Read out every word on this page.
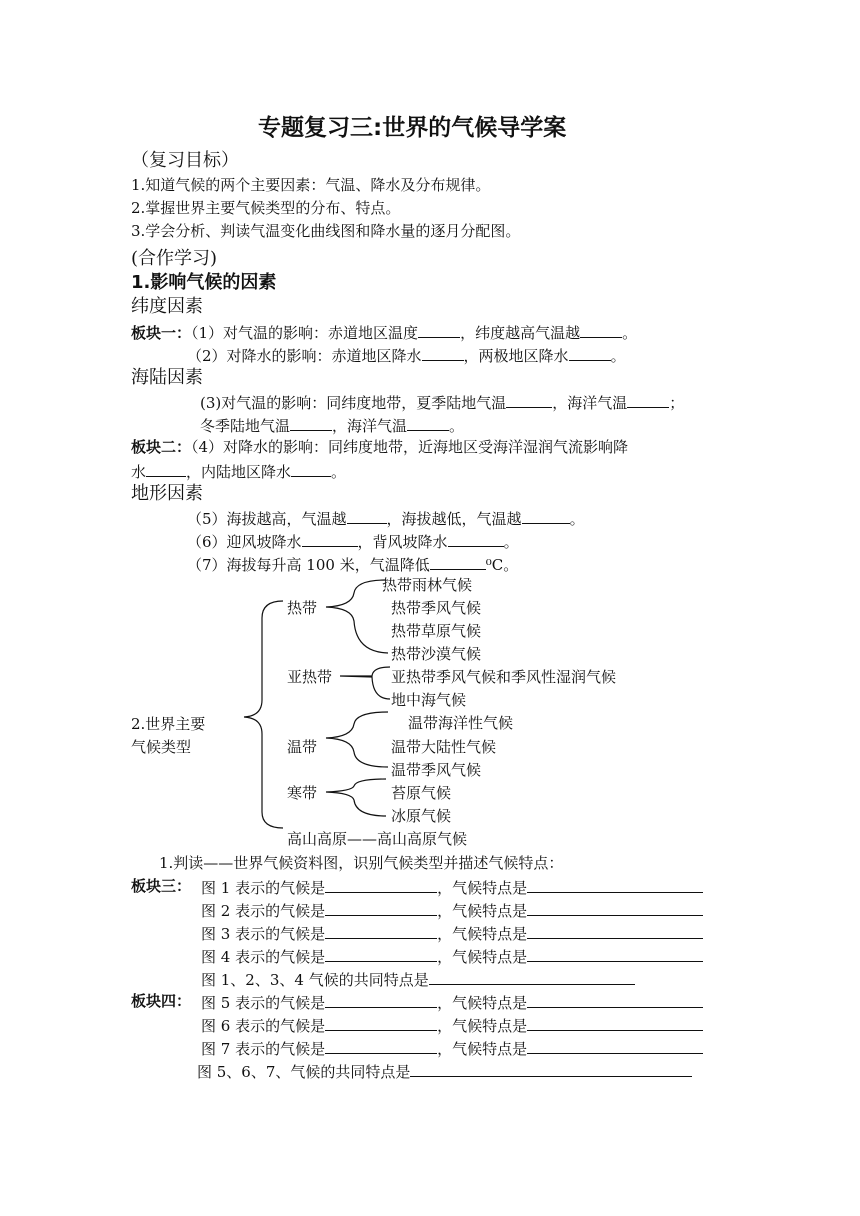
专题复习三:世界的气候导学案
（复习目标）
1.知道气候的两个主要因素：气温、降水及分布规律。
2.掌握世界主要气候类型的分布、特点。
3.学会分析、判读气温变化曲线图和降水量的逐月分配图。
(合作学习)
1.影响气候的因素
纬度因素
板块一：（1）对气温的影响：赤道地区温度	，纬度越高气温越	。
（2）对降水的影响：赤道地区降水	，两极地区降水	。
海陆因素
(3)对气温的影响：同纬度地带，夏季陆地气温	，海洋气温	；
冬季陆地气温	，海洋气温	。
板块二：（4）对降水的影响：同纬度地带，近海地区受海洋湿润气流影响降
水	，内陆地区降水	。
地形因素
（5）海拔越高，气温越	，海拔越低，气温越	。
（6）迎风坡降水	，背风坡降水	。
（7）海拔每升高 100 米，气温降低	⁰C。
2.世界主要
气候类型
热带
热带雨林气候
热带季风气候
热带草原气候
热带沙漠气候
亚热带	亚热带季风气候和季风性湿润气候
地中海气候
温带
温带海洋性气候
温带大陆性气候
温带季风气候
寒带	苔原气候
冰原气候
高山高原——高山高原气候
1.判读——世界气候资料图，识别气候类型并描述气候特点：
板块三： 图 1 表示的气候是	，气候特点是
图 2 表示的气候是	，气候特点是
图 3 表示的气候是	，气候特点是
图 4 表示的气候是	，气候特点是
图 1、2、3、4 气候的共同特点是
板块四： 图 5 表示的气候是	，气候特点是
图 6 表示的气候是	，气候特点是
图 7 表示的气候是	，气候特点是
图 5、6、7、气候的共同特点是
